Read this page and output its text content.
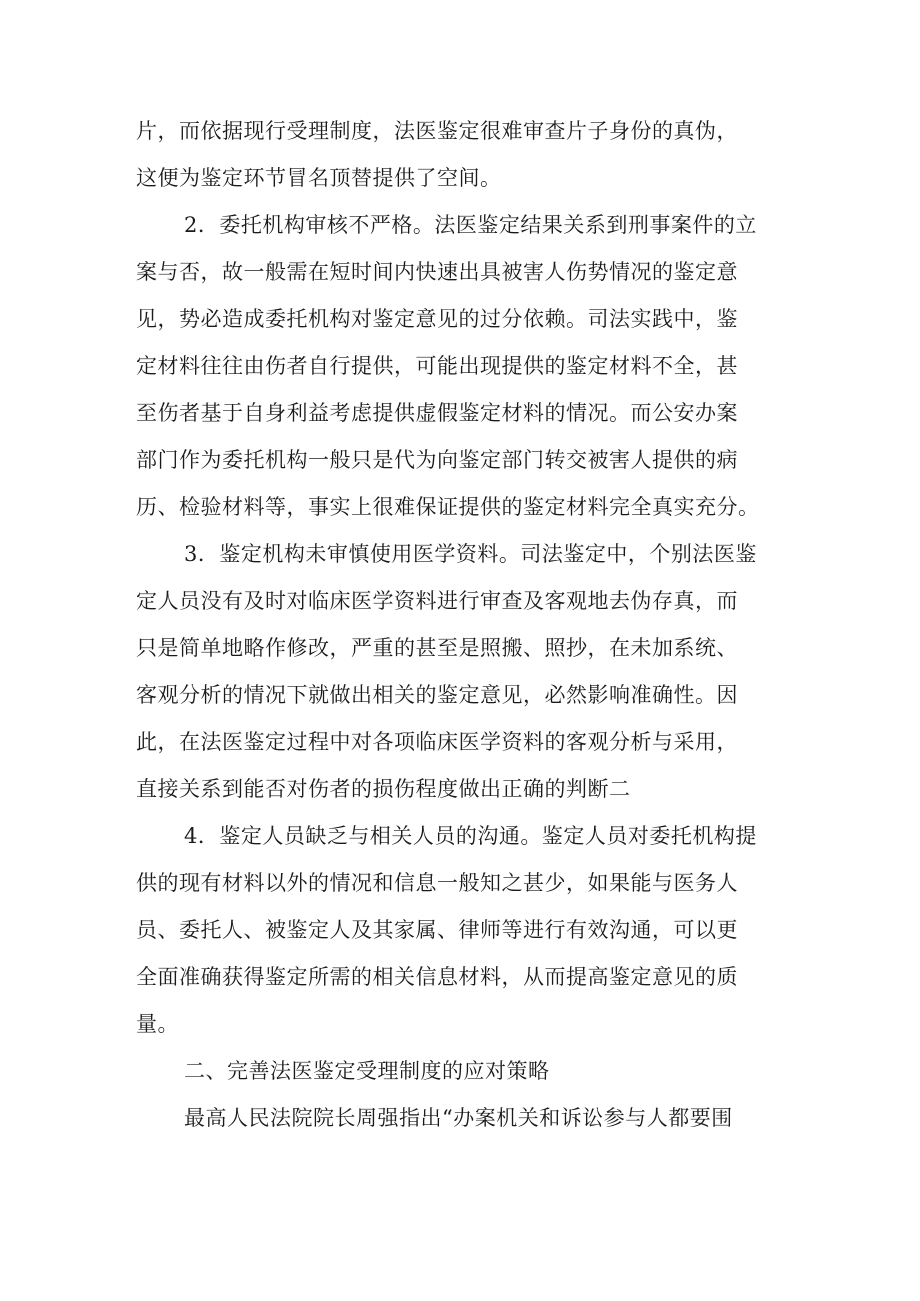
片，而依据现行受理制度，法医鉴定很难审查片子身份的真伪，
这便为鉴定环节冒名顶替提供了空间。
2．委托机构审核不严格。法医鉴定结果关系到刑事案件的立
案与否，故一般需在短时间内快速出具被害人伤势情况的鉴定意
见，势必造成委托机构对鉴定意见的过分依赖。司法实践中，鉴
定材料往往由伤者自行提供，可能出现提供的鉴定材料不全，甚
至伤者基于自身利益考虑提供虚假鉴定材料的情况。而公安办案
部门作为委托机构一般只是代为向鉴定部门转交被害人提供的病
历、检验材料等，事实上很难保证提供的鉴定材料完全真实充分。
3．鉴定机构未审慎使用医学资料。司法鉴定中，个别法医鉴
定人员没有及时对临床医学资料进行审查及客观地去伪存真，而
只是简单地略作修改，严重的甚至是照搬、照抄，在未加系统、
客观分析的情况下就做出相关的鉴定意见，必然影响准确性。因
此，在法医鉴定过程中对各项临床医学资料的客观分析与采用，
直接关系到能否对伤者的损伤程度做出正确的判断二
4．鉴定人员缺乏与相关人员的沟通。鉴定人员对委托机构提
供的现有材料以外的情况和信息一般知之甚少，如果能与医务人
员、委托人、被鉴定人及其家属、律师等进行有效沟通，可以更
全面准确获得鉴定所需的相关信息材料，从而提高鉴定意见的质
量。
二、完善法医鉴定受理制度的应对策略
最高人民法院院长周强指出“办案机关和诉讼参与人都要围
